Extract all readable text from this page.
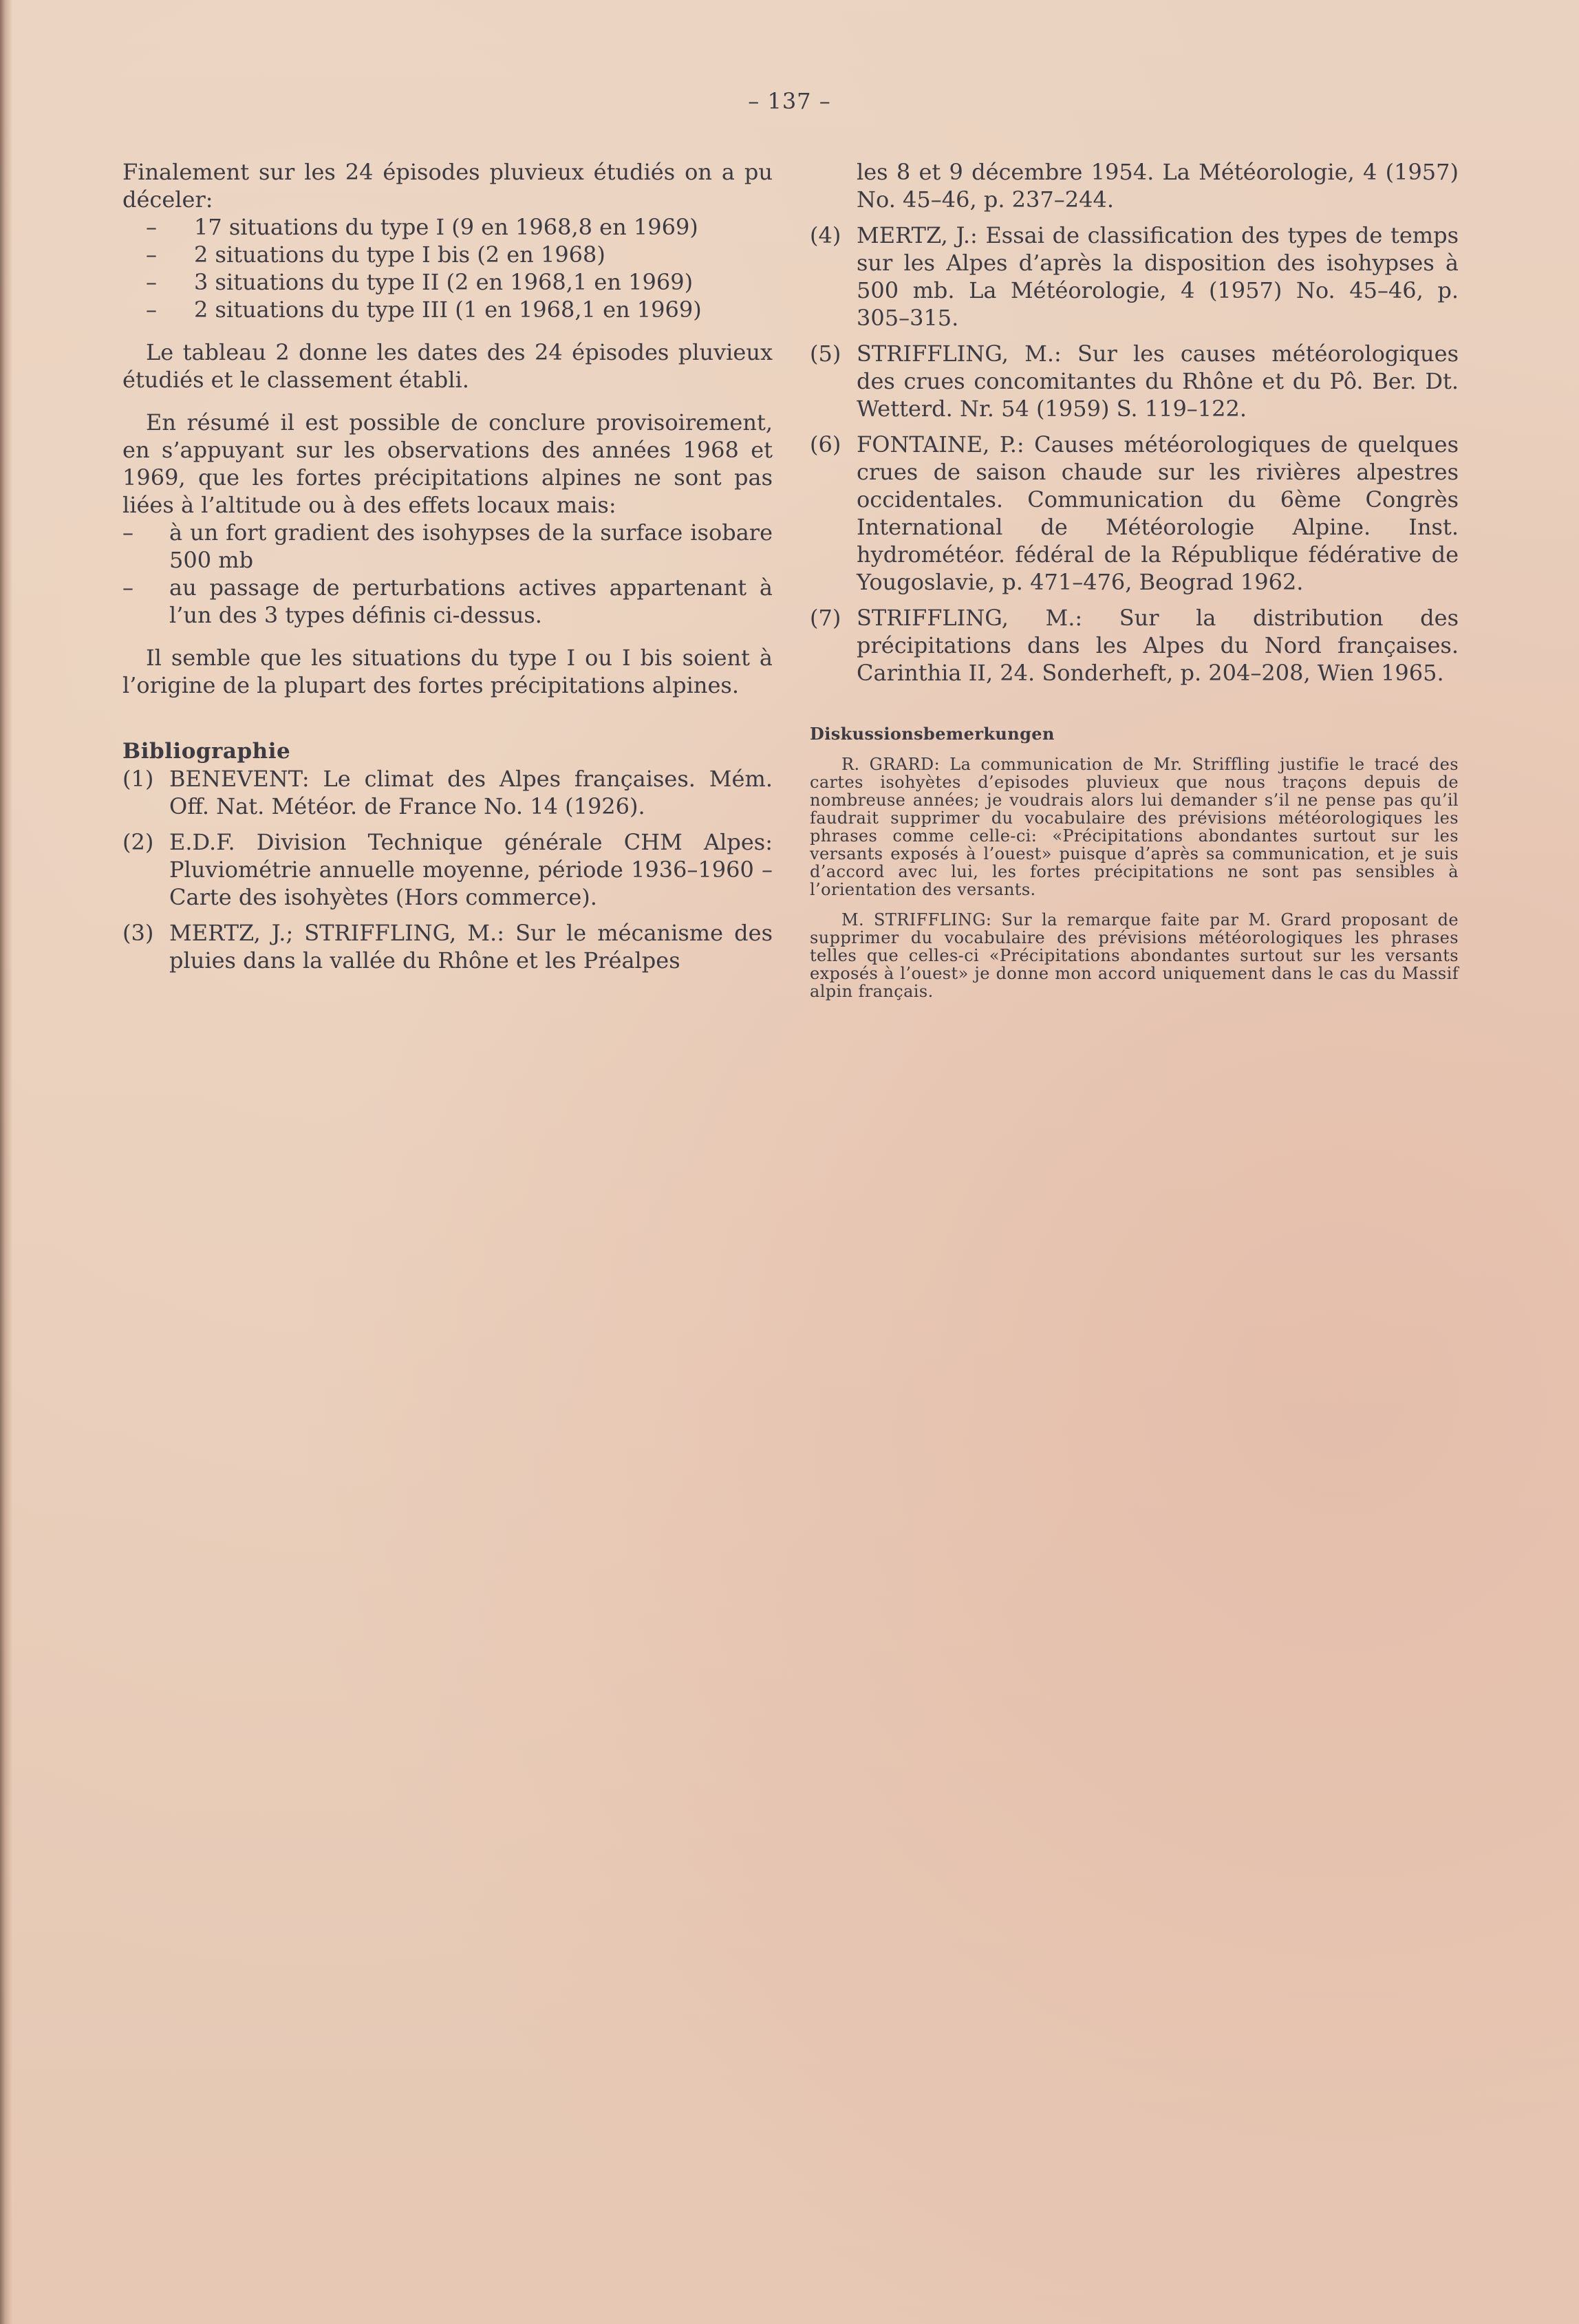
– 137 –

Finalement sur les 24 épisodes pluvieux étudiés on a pu déceler:

– 17 situations du type I (9 en 1968,8 en 1969)
– 2 situations du type I bis (2 en 1968)
– 3 situations du type II (2 en 1968,1 en 1969)
– 2 situations du type III (1 en 1968,1 en 1969)

Le tableau 2 donne les dates des 24 épisodes pluvieux étudiés et le classement établi.

En résumé il est possible de conclure provisoirement, en s’appuyant sur les observations des années 1968 et 1969, que les fortes précipitations alpines ne sont pas liées à l’altitude ou à des effets locaux mais:

– à un fort gradient des isohypses de la surface isobare 500 mb
– au passage de perturbations actives appartenant à l’un des 3 types définis ci-dessus.

Il semble que les situations du type I ou I bis soient à l’origine de la plupart des fortes précipitations alpines.

Bibliographie

(1) BENEVENT: Le climat des Alpes françaises. Mém. Off. Nat. Météor. de France No. 14 (1926).
(2) E.D.F. Division Technique générale CHM Alpes: Pluviométrie annuelle moyenne, période 1936–1960 – Carte des isohyètes (Hors commerce).
(3) MERTZ, J.; STRIFFLING, M.: Sur le mécanisme des pluies dans la vallée du Rhône et les Préalpes

les 8 et 9 décembre 1954. La Météorologie, 4 (1957) No. 45–46, p. 237–244.

(4) MERTZ, J.: Essai de classification des types de temps sur les Alpes d’après la disposition des isohypses à 500 mb. La Météorologie, 4 (1957) No. 45–46, p. 305–315.
(5) STRIFFLING, M.: Sur les causes météorologiques des crues concomitantes du Rhône et du Pô. Ber. Dt. Wetterd. Nr. 54 (1959) S. 119–122.
(6) FONTAINE, P.: Causes météorologiques de quelques crues de saison chaude sur les rivières alpestres occidentales. Communication du 6ème Congrès International de Météorologie Alpine. Inst. hydrométéor. fédéral de la République fédérative de Yougoslavie, p. 471–476, Beograd 1962.
(7) STRIFFLING, M.: Sur la distribution des précipitations dans les Alpes du Nord françaises. Carinthia II, 24. Sonderheft, p. 204–208, Wien 1965.

Diskussionsbemerkungen

R. GRARD: La communication de Mr. Striffling justifie le tracé des cartes isohyètes d’episodes pluvieux que nous traçons depuis de nombreuse années; je voudrais alors lui demander s’il ne pense pas qu’il faudrait supprimer du vocabulaire des prévisions météorologiques les phrases comme celle-ci: «Précipitations abondantes surtout sur les versants exposés à l’ouest» puisque d’après sa communication, et je suis d’accord avec lui, les fortes précipitations ne sont pas sensibles à l’orientation des versants.

M. STRIFFLING: Sur la remarque faite par M. Grard proposant de supprimer du vocabulaire des prévisions météorologiques les phrases telles que celles-ci «Précipitations abondantes surtout sur les versants exposés à l’ouest» je donne mon accord uniquement dans le cas du Massif alpin français.
